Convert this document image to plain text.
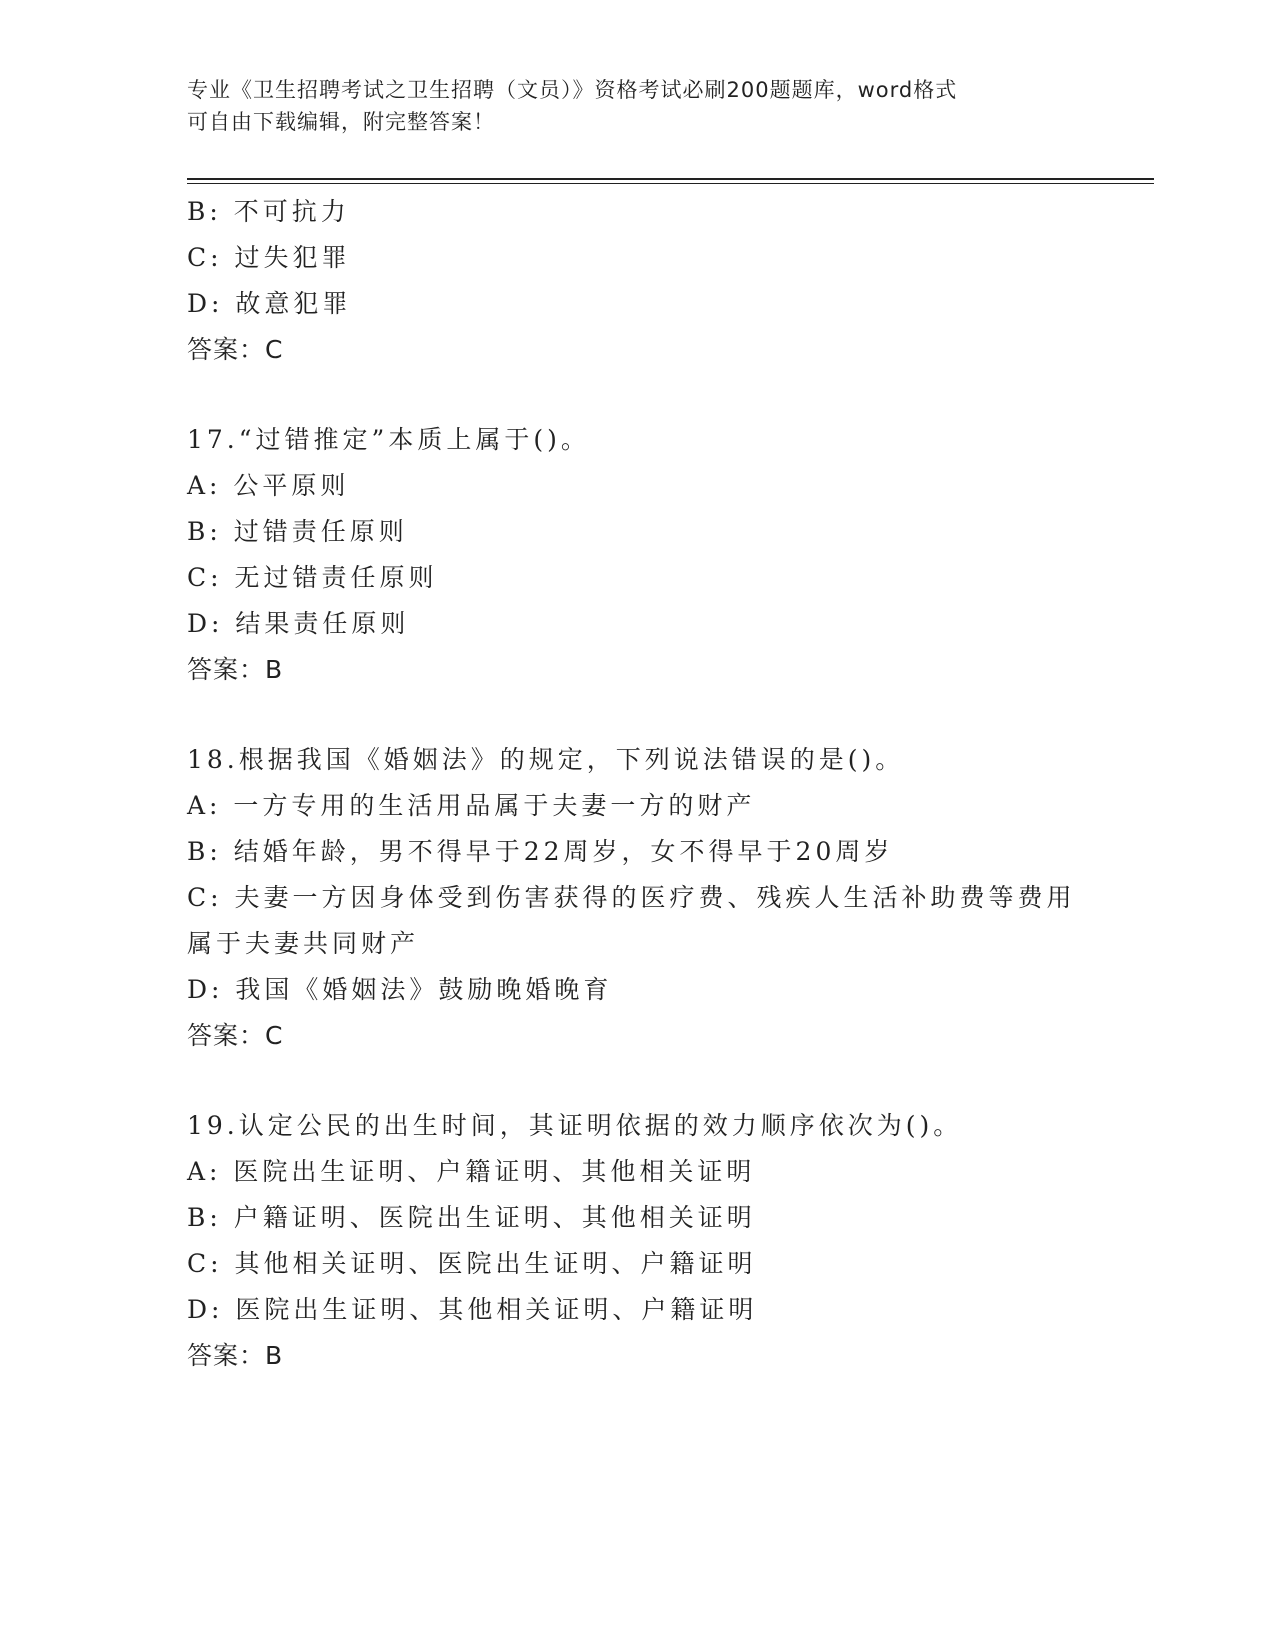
专业《卫生招聘考试之卫生招聘（文员）》资格考试必刷200题题库，word格式
可自由下载编辑，附完整答案！
B: 不可抗力
C: 过失犯罪
D: 故意犯罪
答案：C
17.“过错推定”本质上属于()。
A: 公平原则
B: 过错责任原则
C: 无过错责任原则
D: 结果责任原则
答案：B
18.根据我国《婚姻法》的规定，下列说法错误的是()。
A: 一方专用的生活用品属于夫妻一方的财产
B: 结婚年龄，男不得早于22周岁，女不得早于20周岁
C: 夫妻一方因身体受到伤害获得的医疗费、残疾人生活补助费等费用
属于夫妻共同财产
D: 我国《婚姻法》鼓励晚婚晚育
答案：C
19.认定公民的出生时间，其证明依据的效力顺序依次为()。
A: 医院出生证明、户籍证明、其他相关证明
B: 户籍证明、医院出生证明、其他相关证明
C: 其他相关证明、医院出生证明、户籍证明
D: 医院出生证明、其他相关证明、户籍证明
答案：B
